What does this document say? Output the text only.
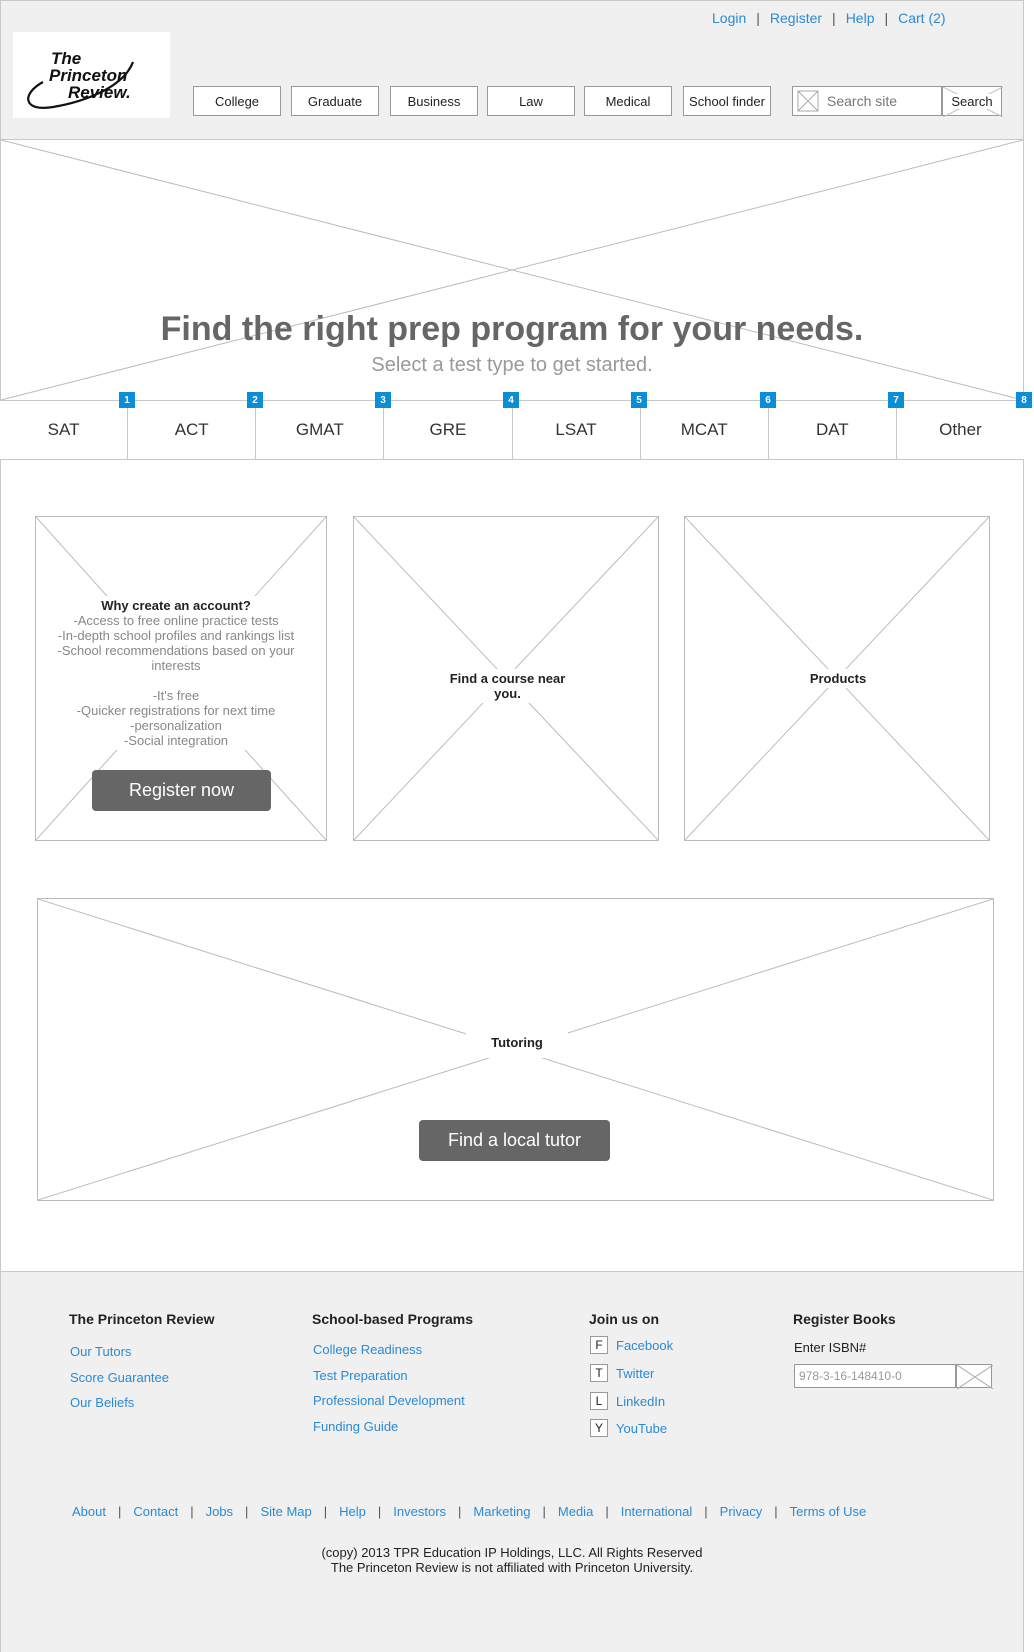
Login | Register | Help | Cart (2)
The
Princeton
Review.	College	Graduate	Business	Law	Medical	School finder
Search site	Search
Find the right prep program for your needs.
Select a test type to get started.
SAT	ACT	GMAT	GRE	LSAT	MCAT	DAT	Other
1	2	3	4	5	6	7	8
Why create an account?
-Access to free online practice tests
-In-depth school profiles and rankings list
-School recommendations based on your interests
-It's free
-Quicker registrations for next time
-personalization
-Social integration
Register now
Find a course near you.
Products
Tutoring
Find a local tutor
The Princeton Review
Our Tutors
Score Guarantee
Our Beliefs
School-based Programs
College Readiness
Test Preparation
Professional Development
Funding Guide
Join us on
F	Facebook
T	Twitter
L	LinkedIn
Y	YouTube
Register Books
Enter ISBN#
978-3-16-148410-0
About | Contact | Jobs | Site Map | Help | Investors | Marketing | Media | International | Privacy | Terms of Use
(copy) 2013 TPR Education IP Holdings, LLC. All Rights Reserved
The Princeton Review is not affiliated with Princeton University.
